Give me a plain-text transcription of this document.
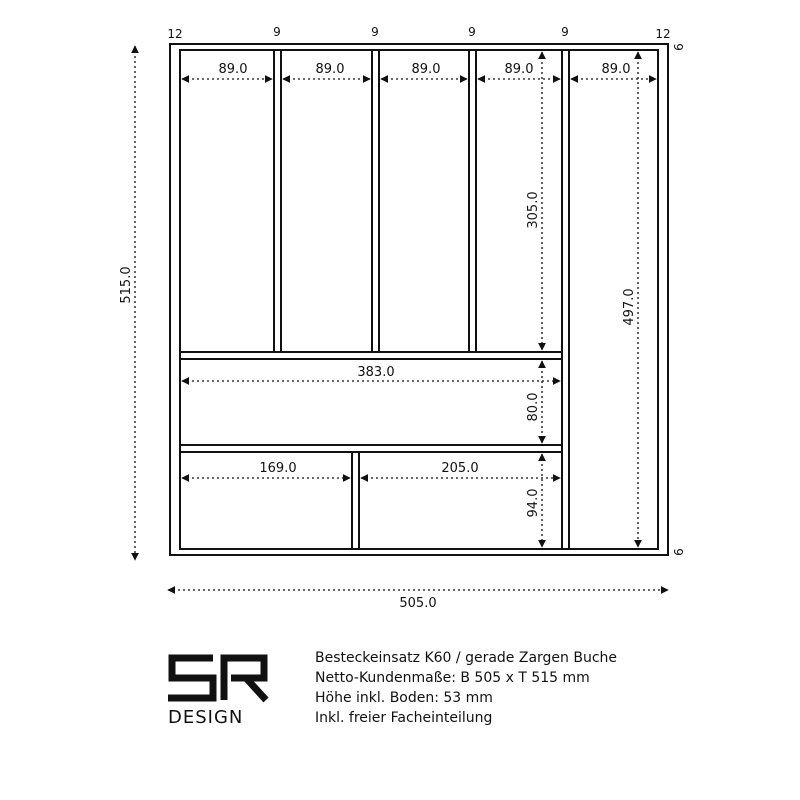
515.0
505.0
12	9	9	9	9	12
9
9
89.0	89.0	89.0	89.0	89.0
305.0
497.0
80.0
94.0
383.0
169.0	205.0
DESIGN
Besteckeinsatz K60 / gerade Zargen Buche
Netto-Kundenmaße: B 505 x T 515 mm
Höhe inkl. Boden: 53 mm
Inkl. freier Facheinteilung
